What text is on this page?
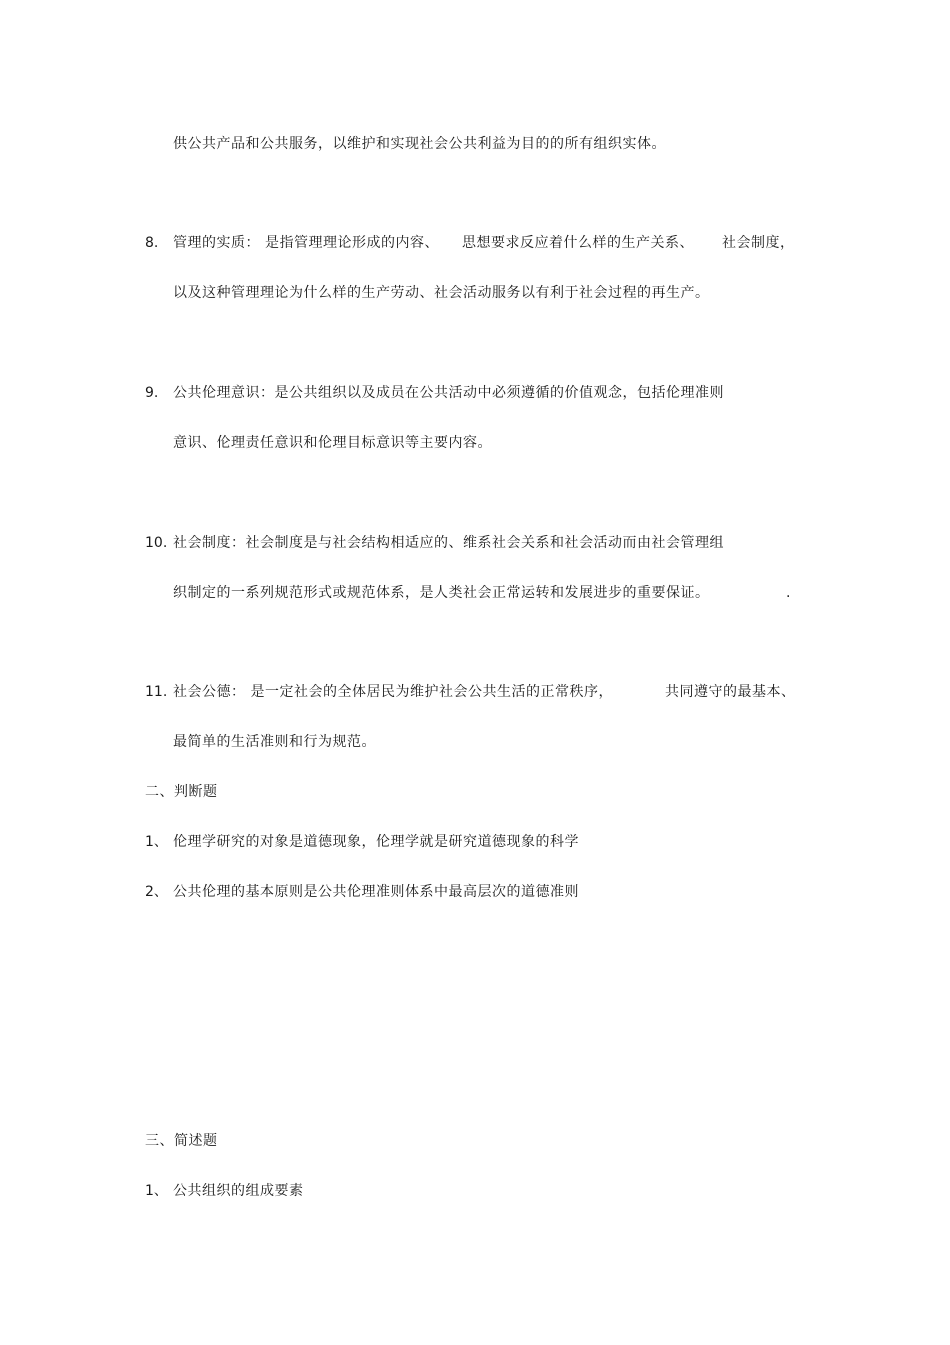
供公共产品和公共服务，以维护和实现社会公共利益为目的的所有组织实体。
8. 管理的实质： 是指管理理论形成的内容、 思想要求反应着什么样的生产关系、 社会制度，
以及这种管理理论为什么样的生产劳动、社会活动服务以有利于社会过程的再生产。
9. 公共伦理意识：是公共组织以及成员在公共活动中必须遵循的价值观念，包括伦理准则
意识、伦理责任意识和伦理目标意识等主要内容。
10. 社会制度：社会制度是与社会结构相适应的、维系社会关系和社会活动而由社会管理组
织制定的一系列规范形式或规范体系，是人类社会正常运转和发展进步的重要保证。	.
11. 社会公德： 是一定社会的全体居民为维护社会公共生活的正常秩序，	共同遵守的最基本、
最简单的生活准则和行为规范。
二、判断题
1、 伦理学研究的对象是道德现象，伦理学就是研究道德现象的科学
2、 公共伦理的基本原则是公共伦理准则体系中最高层次的道德准则
三、简述题
1、 公共组织的组成要素
